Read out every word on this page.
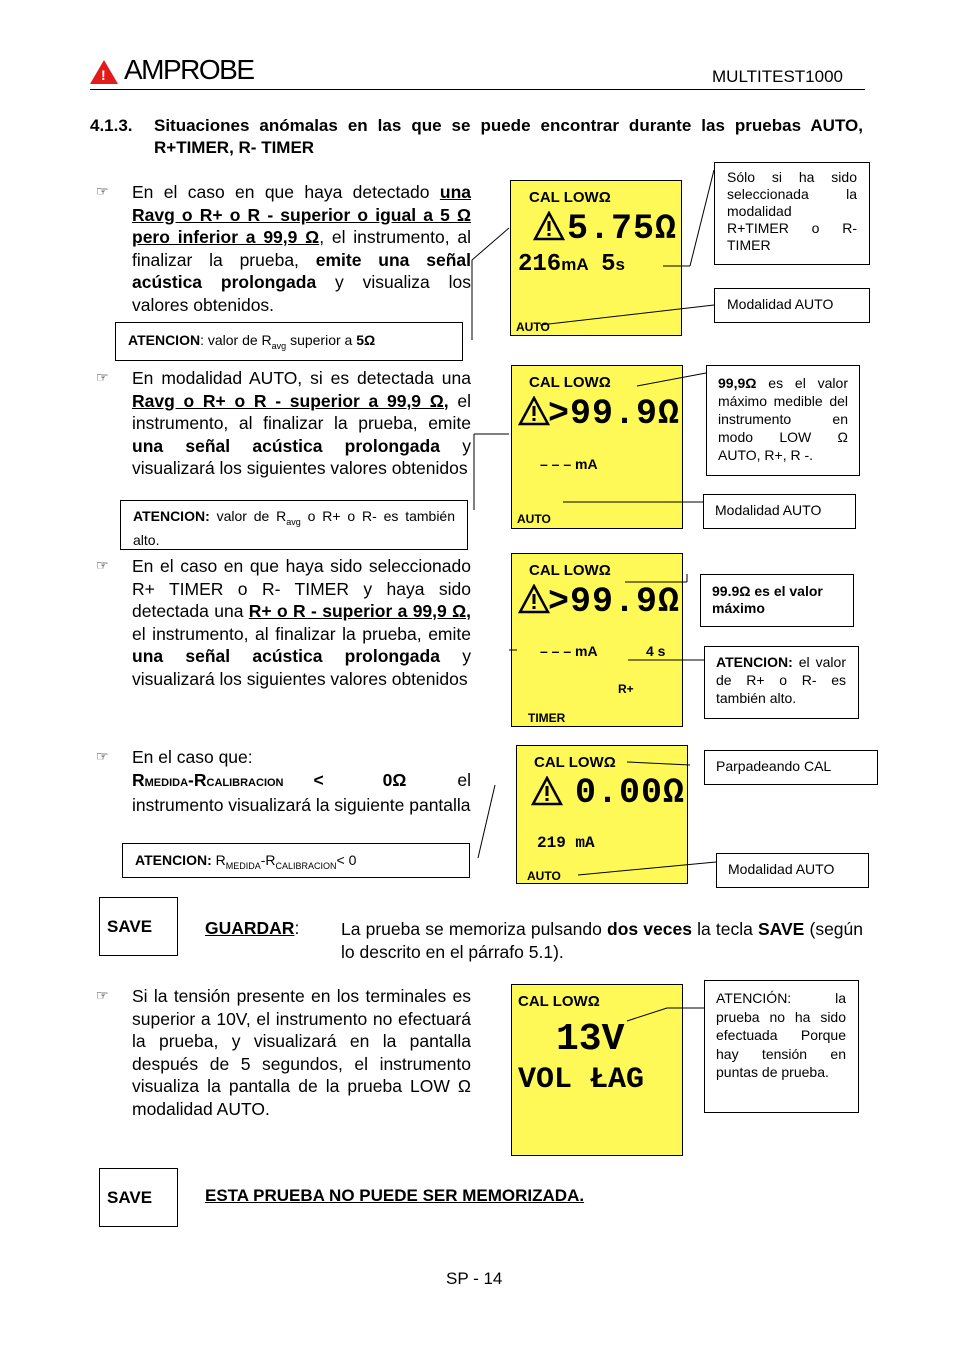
! AMPROBE	MULTITEST1000
4.1.3. Situaciones anómalas en las que se puede encontrar durante las pruebas AUTO, R+TIMER, R- TIMER
☞ En el caso en que haya detectado una Ravg o R+ o R - superior o igual a 5 Ω pero inferior a 99,9 Ω, el instrumento, al finalizar la prueba, emite una señal acústica prolongada y visualiza los valores obtenidos.
ATENCION: valor de $R_{avg}$ superior a 5Ω
CAL LOWΩ
5.75Ω
216mA 5s
AUTO
Sólo si ha sido seleccionada la modalidad R+TIMER o R-TIMER
Modalidad AUTO
☞ En modalidad AUTO, si es detectada una Ravg o R+ o R - superior a 99,9 Ω, el instrumento, al finalizar la prueba, emite una señal acústica prolongada y visualizará los siguientes valores obtenidos
ATENCION: valor de $R_{avg}$ o R+ o R- es también alto.
CAL LOWΩ
>99.9Ω
– – – mA
AUTO
99,9Ω es el valor máximo medible del instrumento en modo LOW Ω AUTO, R+, R -.
Modalidad AUTO
☞ En el caso en que haya sido seleccionado R+ TIMER o R- TIMER y haya sido detectada una R+ o R - superior a 99,9 Ω, el instrumento, al finalizar la prueba, emite una señal acústica prolongada y visualizará los siguientes valores obtenidos
CAL LOWΩ
>99.9Ω
– – – mA	4 s
R+
TIMER
99.9Ω es el valor máximo
ATENCION: el valor de R+ o R- es también alto.
☞ En el caso que:
RMEDIDA-RCALIBRACION < 0Ω el instrumento visualizará la siguiente pantalla
ATENCION: $R_{MEDIDA}-R_{CALIBRACION}< 0$
CAL LOWΩ
0.00Ω
219 mA
AUTO
Parpadeando CAL
Modalidad AUTO
SAVE	GUARDAR: La prueba se memoriza pulsando dos veces la tecla SAVE (según lo descrito en el párrafo 5.1).
☞ Si la tensión presente en los terminales es superior a 10V, el instrumento no efectuará la prueba, y visualizará en la pantalla después de 5 segundos, el instrumento visualiza la pantalla de la prueba LOW Ω modalidad AUTO.
CAL LOWΩ
13V
VOL ŁAG
ATENCIÓN: la prueba no ha sido efectuada Porque hay tensión en puntas de prueba.
SAVE	ESTA PRUEBA NO PUEDE SER MEMORIZADA.
SP - 14
